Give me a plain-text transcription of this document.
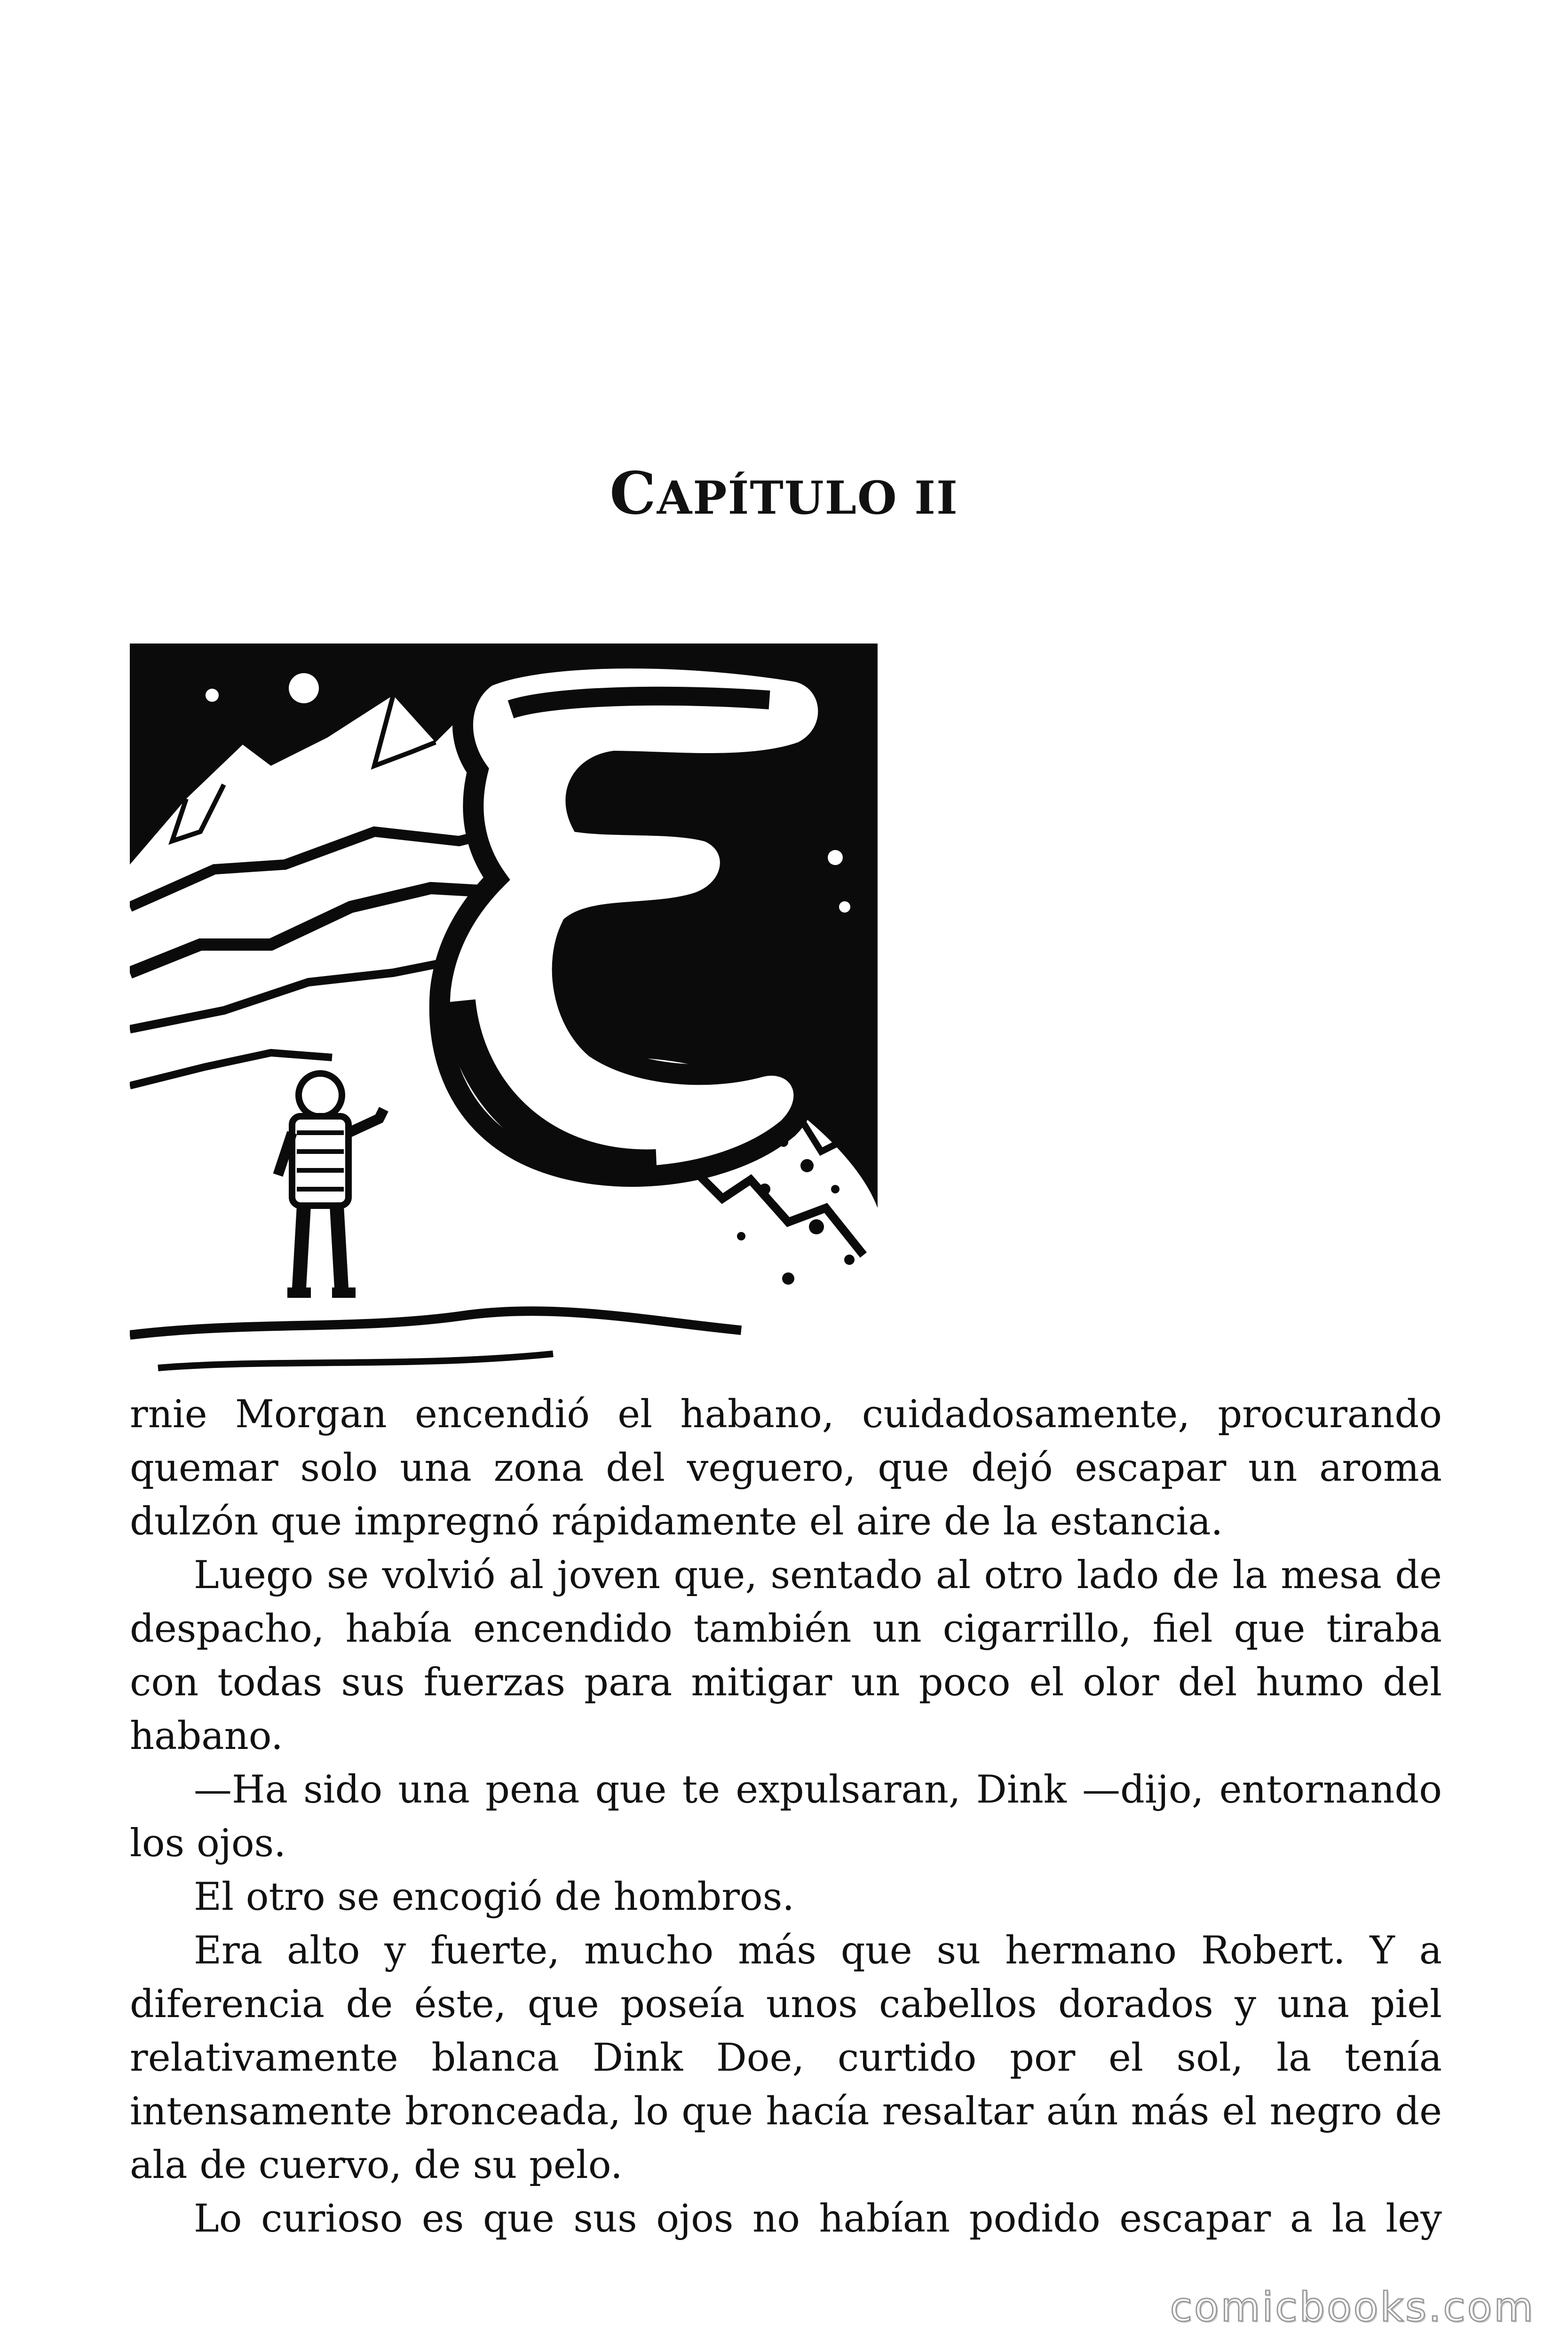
CAPÍTULO II

rnie Morgan encendió el habano, cuidadosamente, procurando quemar solo una zona del veguero, que dejó escapar un aroma dulzón que impregnó rápidamente el aire de la estancia.

Luego se volvió al joven que, sentado al otro lado de la mesa de despacho, había encendido también un cigarrillo, fiel que tiraba con todas sus fuerzas para mitigar un poco el olor del humo del habano.

—Ha sido una pena que te expulsaran, Dink —dijo, entornando los ojos.

El otro se encogió de hombros.

Era alto y fuerte, mucho más que su hermano Robert. Y a diferencia de éste, que poseía unos cabellos dorados y una piel relativamente blanca Dink Doe, curtido por el sol, la tenía intensamente bronceada, lo que hacía resaltar aún más el negro de ala de cuervo, de su pelo.

Lo curioso es que sus ojos no habían podido escapar a la ley

comicbooks.com
